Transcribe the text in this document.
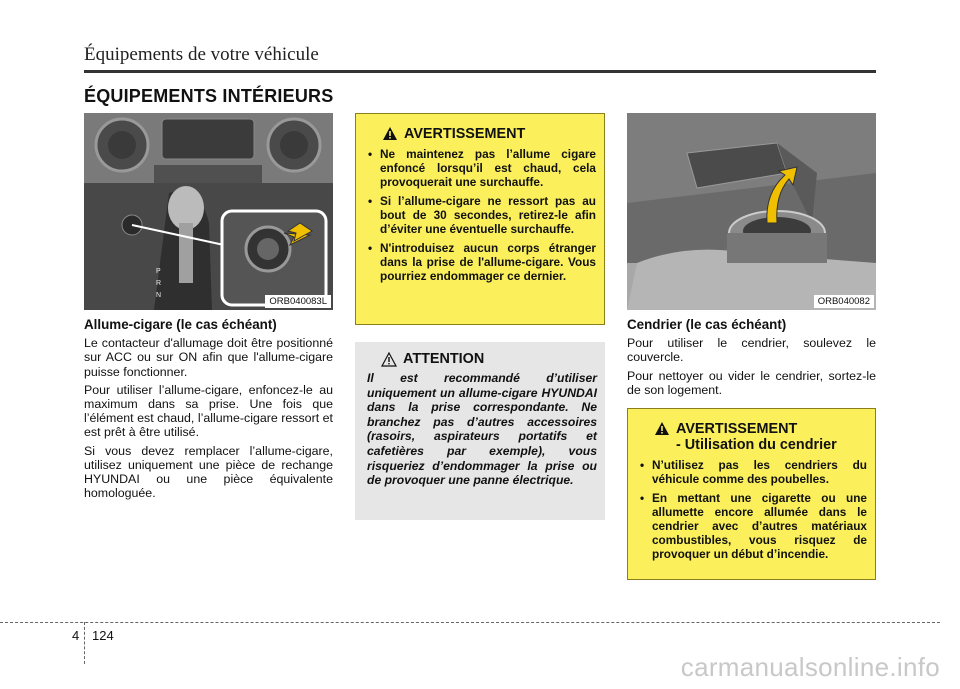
Équipements de votre véhicule
ÉQUIPEMENTS INTÉRIEURS
P
R
N
ORB040083L
Allume-cigare (le cas échéant)

Le contacteur d'allumage doit être positionné sur ACC ou sur ON afin que l'allume-cigare puisse fonctionner.

Pour utiliser l’allume-cigare, enfoncez-le au maximum dans sa prise. Une fois que l’élément est chaud, l’allume-cigare ressort et est prêt à être utilisé.

Si vous devez remplacer l’allume-cigare, utilisez uniquement une pièce de rechange HYUNDAI ou une pièce équivalente homologuée.

AVERTISSEMENT
• Ne maintenez pas l’allume cigare enfoncé lorsqu’il est chaud, cela provoquerait une surchauffe.
• Si l’allume-cigare ne ressort pas au bout de 30 secondes, retirez-le afin d’éviter une éventuelle surchauffe.
• N'introduisez aucun corps étranger dans la prise de l'allume-cigare. Vous pourriez endommager ce dernier.
ATTENTION
Il est recommandé d’utiliser uniquement un allume-cigare HYUNDAI dans la prise correspondante. Ne branchez pas d’autres accessoires (rasoirs, aspirateurs portatifs et cafetières par exemple), vous risqueriez d’endommager la prise ou de provoquer une panne électrique.
ORB040082
Cendrier (le cas échéant)

Pour utiliser le cendrier, soulevez le couvercle.

Pour nettoyer ou vider le cendrier, sortez-le de son logement.

AVERTISSEMENT
- Utilisation du cendrier
• N’utilisez pas les cendriers du véhicule comme des poubelles.
• En mettant une cigarette ou une allumette encore allumée dans le cendrier avec d’autres matériaux combustibles, vous risquez de provoquer un début d’incendie.
4 124
carmanualsonline.info
